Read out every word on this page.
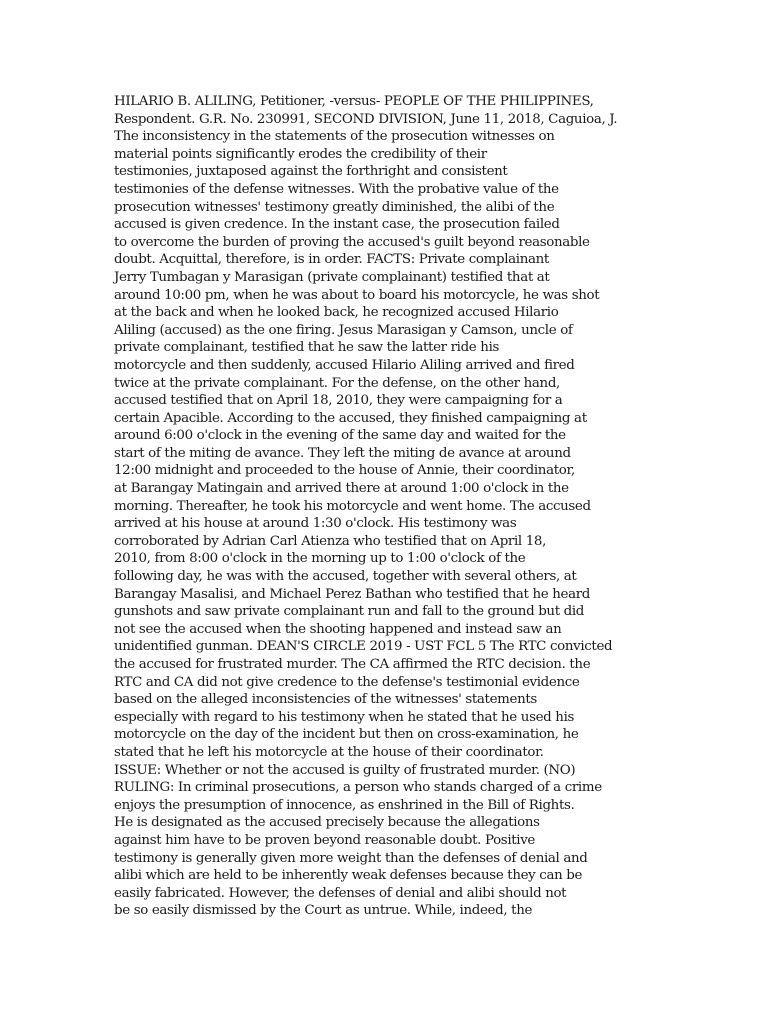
HILARIO B. ALILING, Petitioner, -versus- PEOPLE OF THE PHILIPPINES,
Respondent. G.R. No. 230991, SECOND DIVISION, June 11, 2018, Caguioa, J.
The inconsistency in the statements of the prosecution witnesses on
material points significantly erodes the credibility of their
testimonies, juxtaposed against the forthright and consistent
testimonies of the defense witnesses. With the probative value of the
prosecution witnesses' testimony greatly diminished, the alibi of the
accused is given credence. In the instant case, the prosecution failed
to overcome the burden of proving the accused's guilt beyond reasonable
doubt. Acquittal, therefore, is in order. FACTS: Private complainant
Jerry Tumbagan y Marasigan (private complainant) testified that at
around 10:00 pm, when he was about to board his motorcycle, he was shot
at the back and when he looked back, he recognized accused Hilario
Aliling (accused) as the one firing. Jesus Marasigan y Camson, uncle of
private complainant, testified that he saw the latter ride his
motorcycle and then suddenly, accused Hilario Aliling arrived and fired
twice at the private complainant. For the defense, on the other hand,
accused testified that on April 18, 2010, they were campaigning for a
certain Apacible. According to the accused, they finished campaigning at
around 6:00 o'clock in the evening of the same day and waited for the
start of the miting de avance. They left the miting de avance at around
12:00 midnight and proceeded to the house of Annie, their coordinator,
at Barangay Matingain and arrived there at around 1:00 o'clock in the
morning. Thereafter, he took his motorcycle and went home. The accused
arrived at his house at around 1:30 o'clock. His testimony was
corroborated by Adrian Carl Atienza who testified that on April 18,
2010, from 8:00 o'clock in the morning up to 1:00 o'clock of the
following day, he was with the accused, together with several others, at
Barangay Masalisi, and Michael Perez Bathan who testified that he heard
gunshots and saw private complainant run and fall to the ground but did
not see the accused when the shooting happened and instead saw an
unidentified gunman. DEAN'S CIRCLE 2019 - UST FCL 5 The RTC convicted
the accused for frustrated murder. The CA affirmed the RTC decision. the
RTC and CA did not give credence to the defense's testimonial evidence
based on the alleged inconsistencies of the witnesses' statements
especially with regard to his testimony when he stated that he used his
motorcycle on the day of the incident but then on cross-examination, he
stated that he left his motorcycle at the house of their coordinator.
ISSUE: Whether or not the accused is guilty of frustrated murder. (NO)
RULING: In criminal prosecutions, a person who stands charged of a crime
enjoys the presumption of innocence, as enshrined in the Bill of Rights.
He is designated as the accused precisely because the allegations
against him have to be proven beyond reasonable doubt. Positive
testimony is generally given more weight than the defenses of denial and
alibi which are held to be inherently weak defenses because they can be
easily fabricated. However, the defenses of denial and alibi should not
be so easily dismissed by the Court as untrue. While, indeed, the
